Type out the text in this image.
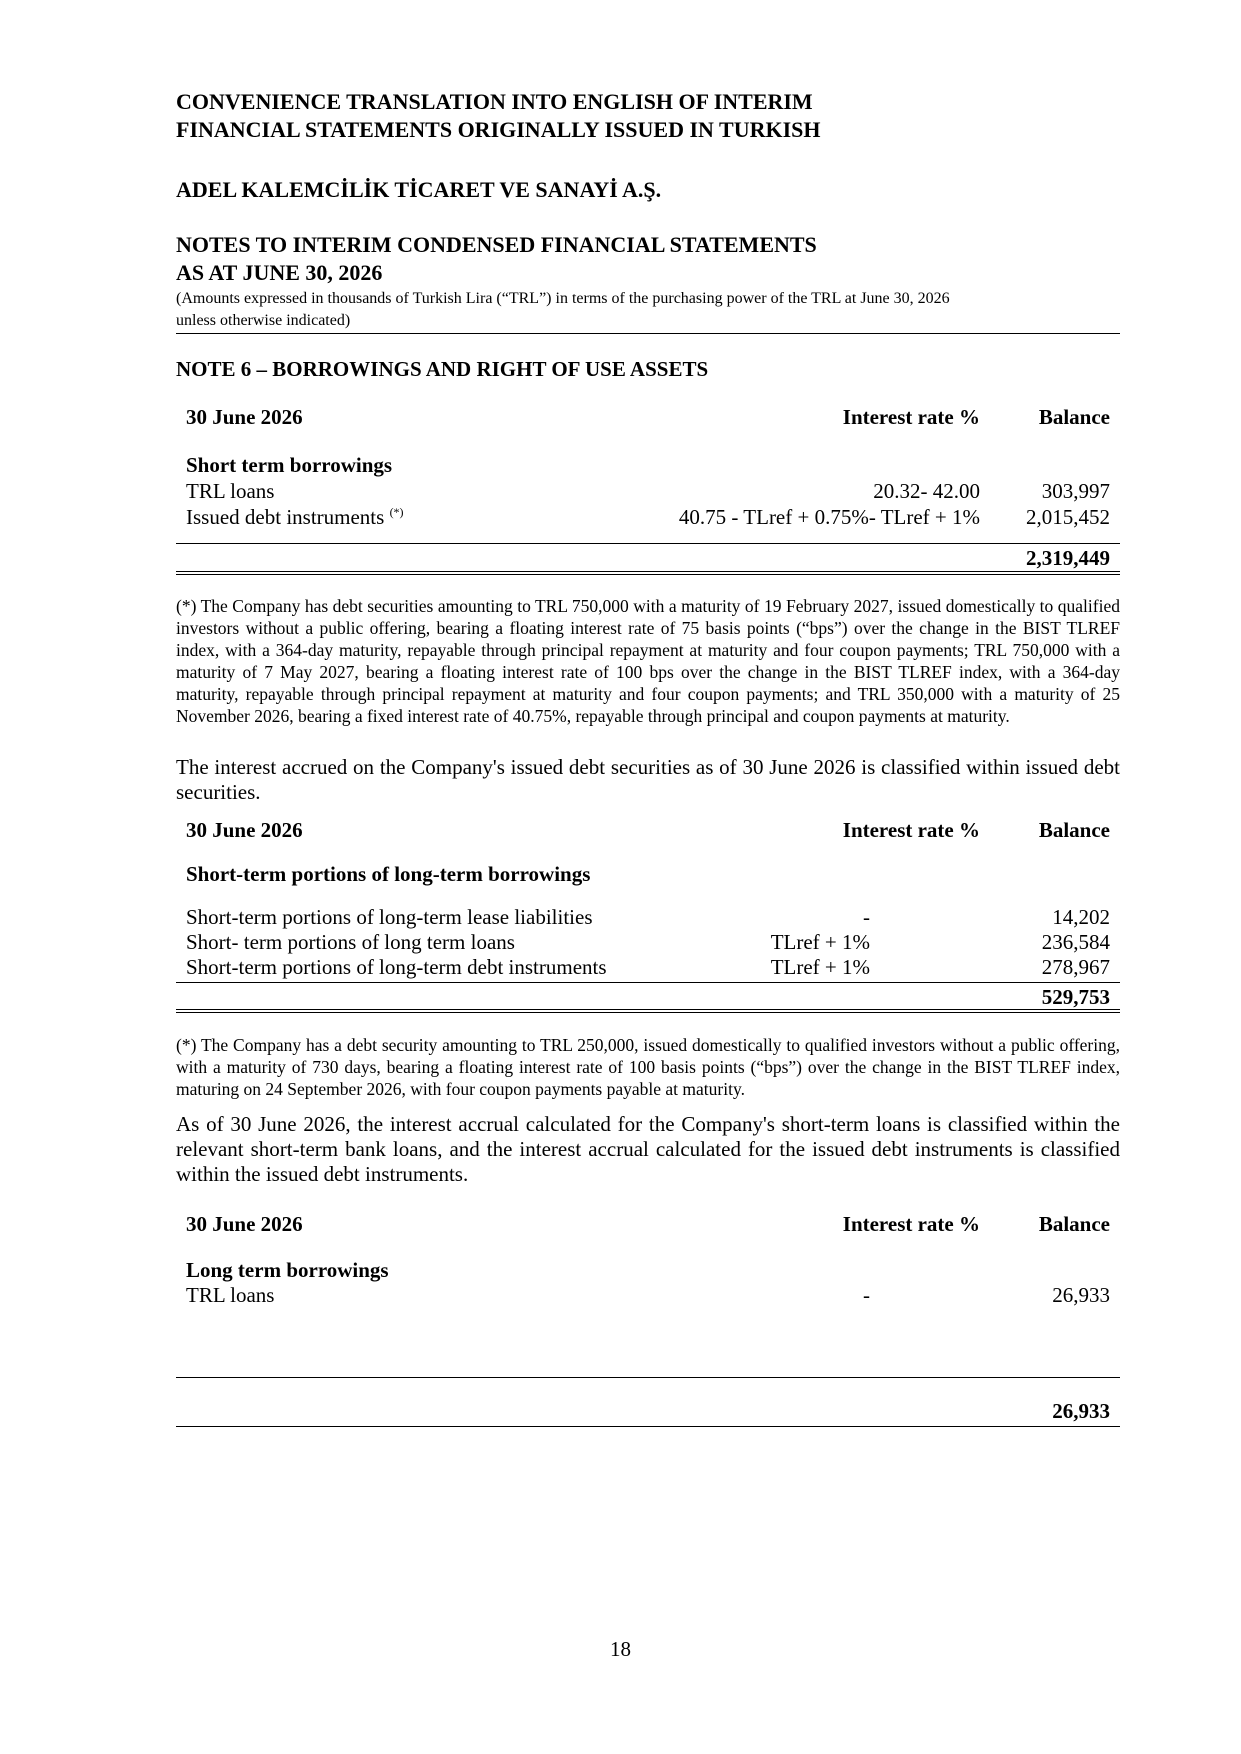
CONVENIENCE TRANSLATION INTO ENGLISH OF INTERIM

FINANCIAL STATEMENTS ORIGINALLY ISSUED IN TURKISH

ADEL KALEMCİLİK TİCARET VE SANAYİ A.Ş.

NOTES TO INTERIM CONDENSED FINANCIAL STATEMENTS

AS AT JUNE 30, 2026

(Amounts expressed in thousands of Turkish Lira (“TRL”) in terms of the purchasing power of the TRL at June 30, 2026
unless otherwise indicated)
NOTE 6 – BORROWINGS AND RIGHT OF USE ASSETS
30 June 2026	Interest rate %	Balance

Short term borrowings		
TRL loans	20.32- 42.00	303,997
Issued debt instruments (*)	40.75 - TLref + 0.75%- TLref + 1%	2,015,452
		2,319,449

(*) The Company has debt securities amounting to TRL 750,000 with a maturity of 19 February 2027, issued domestically to qualified investors without a public offering, bearing a floating interest rate of 75 basis points (“bps”) over the change in the BIST TLREF index, with a 364-day maturity, repayable through principal repayment at maturity and four coupon payments; TRL 750,000 with a maturity of 7 May 2027, bearing a floating interest rate of 100 bps over the change in the BIST TLREF index, with a 364-day maturity, repayable through principal repayment at maturity and four coupon payments; and TRL 350,000 with a maturity of 25 November 2026, bearing a fixed interest rate of 40.75%, repayable through principal and coupon payments at maturity.

The interest accrued on the Company's issued debt securities as of 30 June 2026 is classified within issued debt securities.

30 June 2026	Interest rate %	Balance

Short-term portions of long-term borrowings		

Short-term portions of long-term lease liabilities	-	14,202
Short- term portions of long term loans	TLref + 1%	236,584
Short-term portions of long-term debt instruments	TLref + 1%	278,967
		529,753

(*) The Company has a debt security amounting to TRL 250,000, issued domestically to qualified investors without a public offering, with a maturity of 730 days, bearing a floating interest rate of 100 basis points (“bps”) over the change in the BIST TLREF index, maturing on 24 September 2026, with four coupon payments payable at maturity.

As of 30 June 2026, the interest accrual calculated for the Company's short-term loans is classified within the relevant short-term bank loans, and the interest accrual calculated for the issued debt instruments is classified within the issued debt instruments.

30 June 2026	Interest rate %	Balance

Long term borrowings		
TRL loans	-	26,933
		26,933
18
